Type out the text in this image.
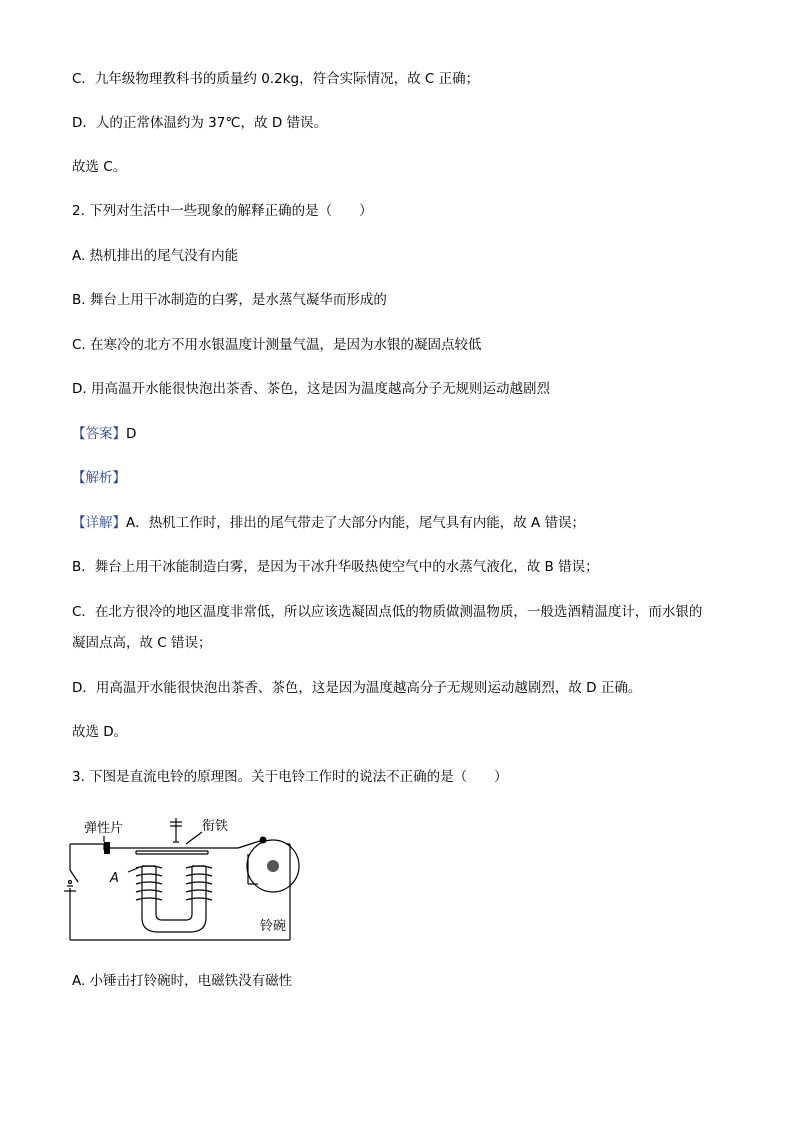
C．九年级物理教科书的质量约 0.2kg，符合实际情况，故 C 正确；
D．人的正常体温约为 37℃，故 D 错误。
故选 C。
2. 下列对生活中一些现象的解释正确的是（　　）
A. 热机排出的尾气没有内能
B. 舞台上用干冰制造的白雾，是水蒸气凝华而形成的
C. 在寒冷的北方不用水银温度计测量气温，是因为水银的凝固点较低
D. 用高温开水能很快泡出茶香、茶色，这是因为温度越高分子无规则运动越剧烈
【答案】D
【解析】
【详解】A．热机工作时，排出的尾气带走了大部分内能，尾气具有内能，故 A 错误；
B．舞台上用干冰能制造白雾，是因为干冰升华吸热使空气中的水蒸气液化，故 B 错误；
C．在北方很冷的地区温度非常低，所以应该选凝固点低的物质做测温物质，一般选酒精温度计，而水银的
凝固点高，故 C 错误；
D．用高温开水能很快泡出茶香、茶色，这是因为温度越高分子无规则运动越剧烈，故 D 正确。
故选 D。
3. 下图是直流电铃的原理图。关于电铃工作时的说法不正确的是（　　）
弹性片	衔铁
A
铃碗
A. 小锤击打铃碗时，电磁铁没有磁性
